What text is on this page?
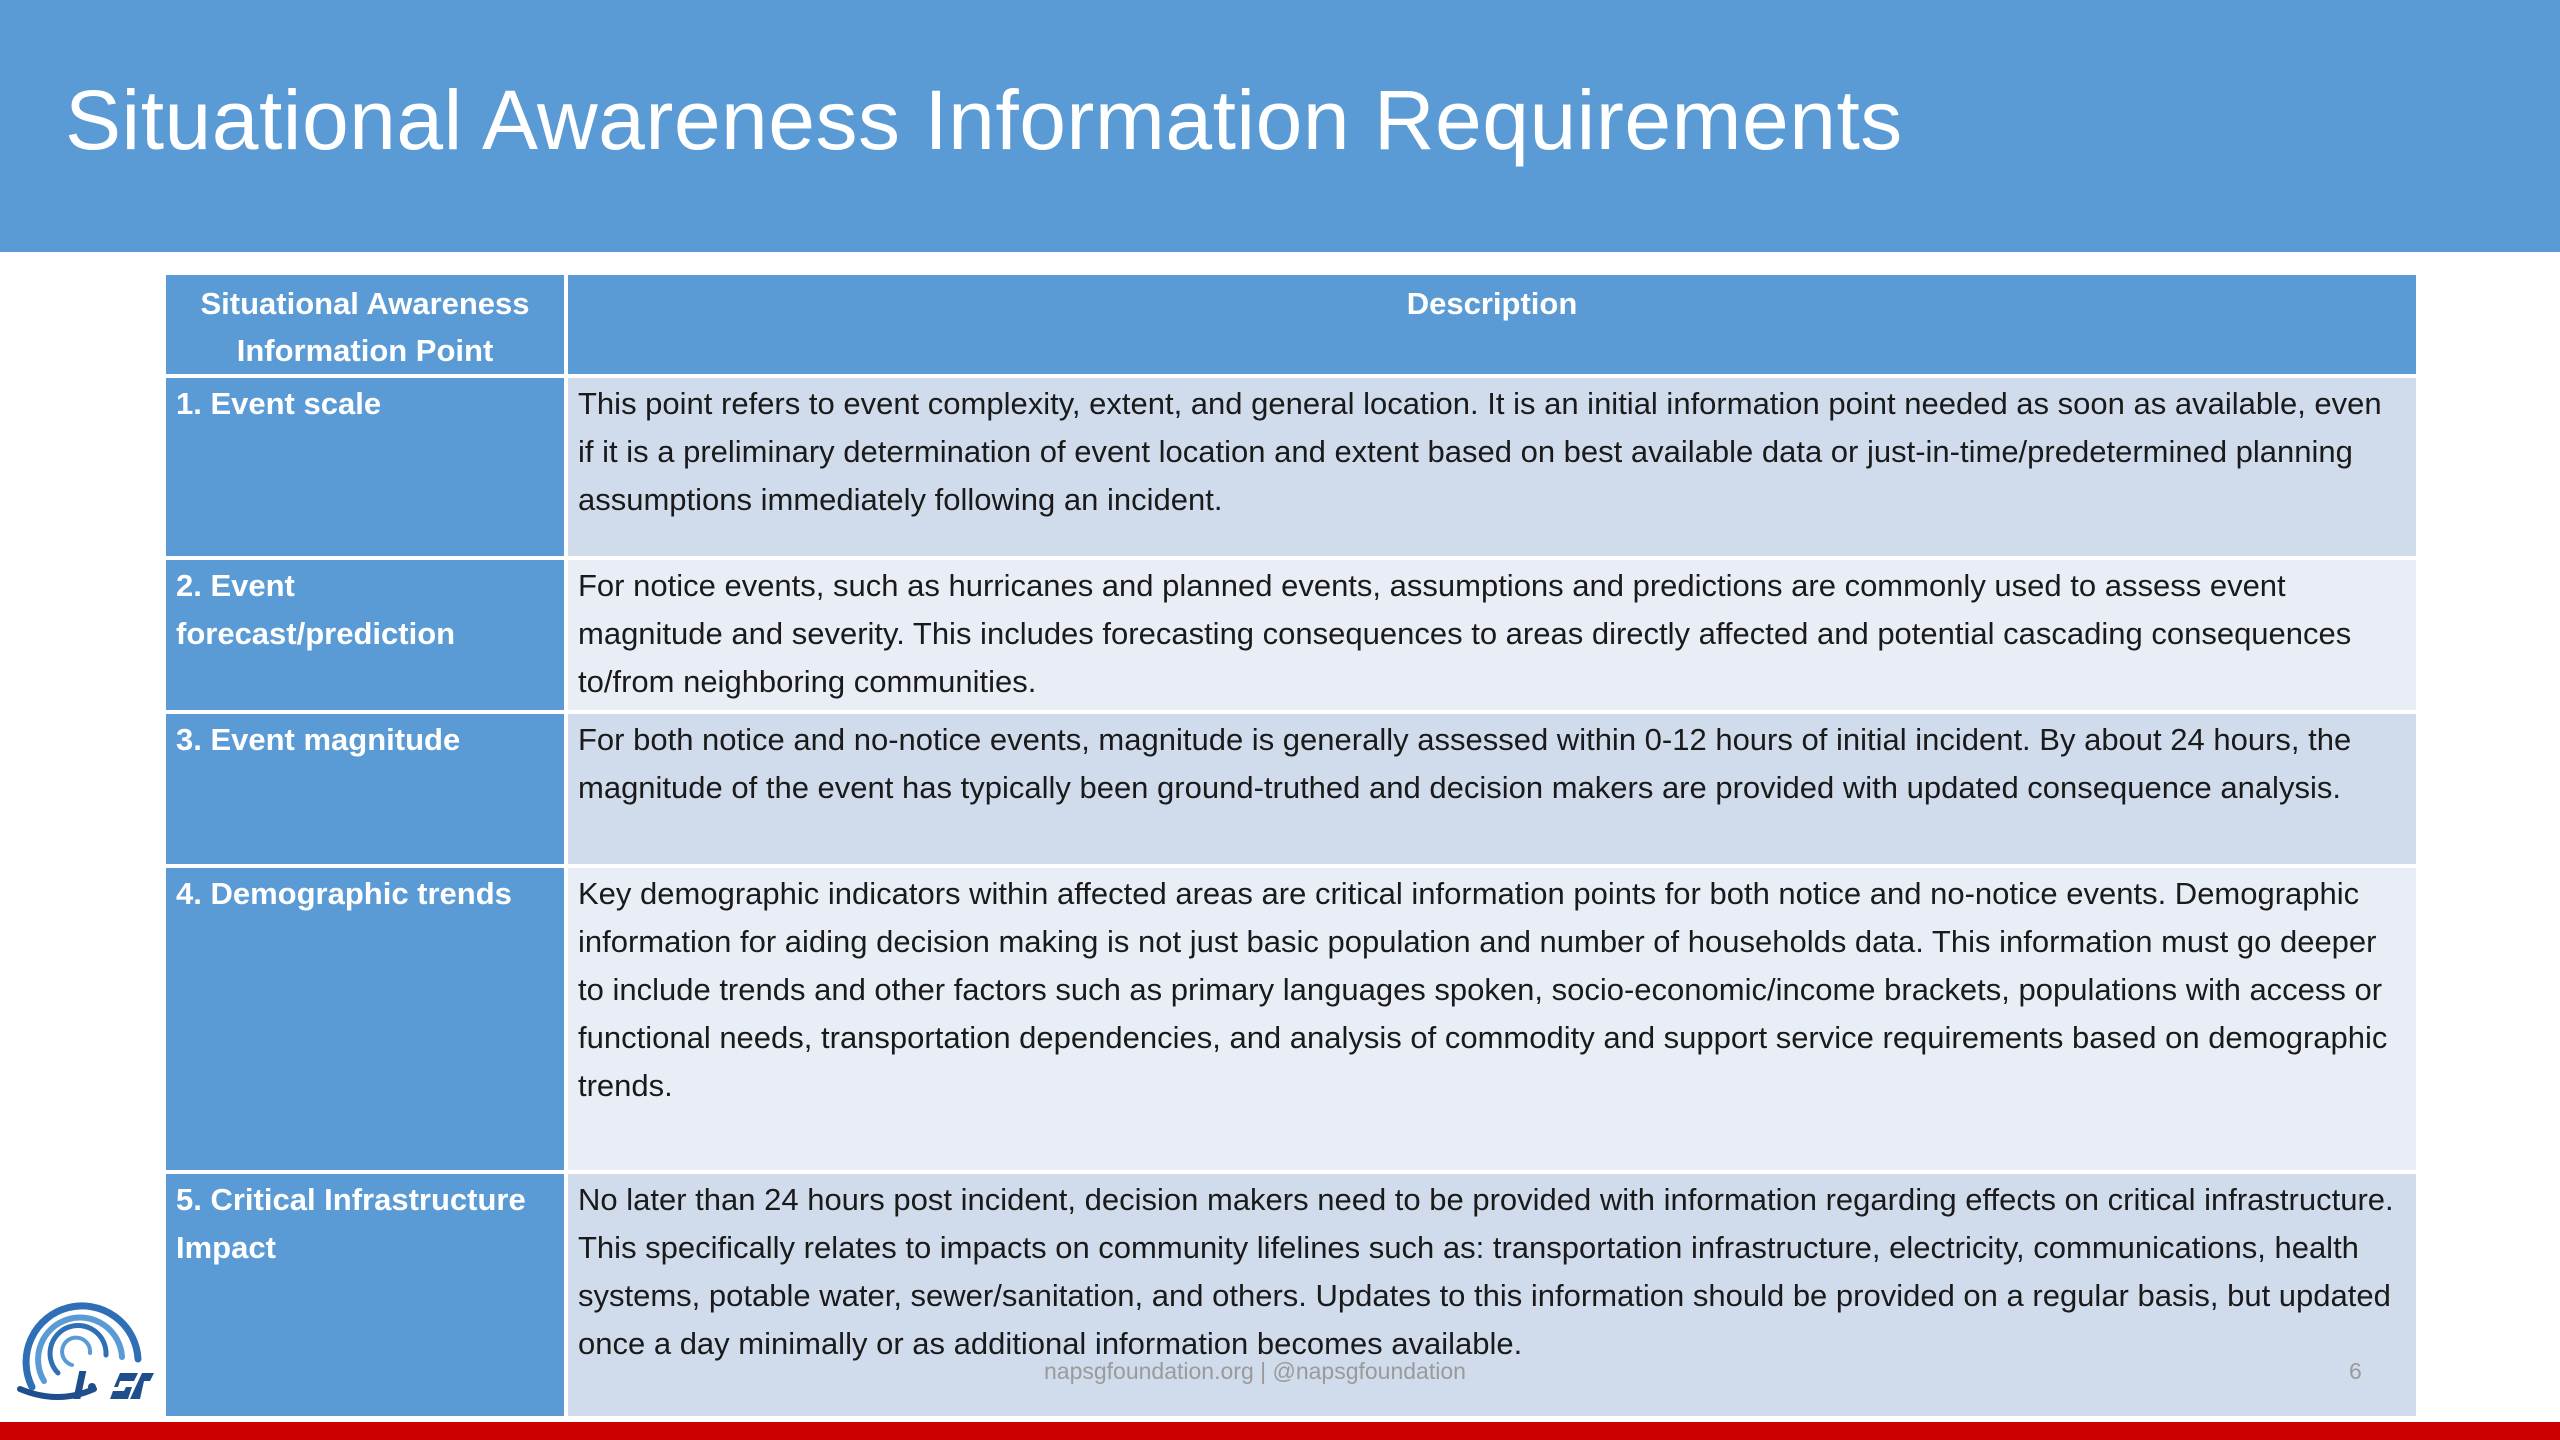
Situational Awareness Information Requirements
Situational Awareness Information Point	Description
1. Event scale	This point refers to event complexity, extent, and general location. It is an initial information point needed as soon as available, even if it is a preliminary determination of event location and extent based on best available data or just-in-time/predetermined planning assumptions immediately following an incident.
2. Event forecast/prediction	For notice events, such as hurricanes and planned events, assumptions and predictions are commonly used to assess event magnitude and severity. This includes forecasting consequences to areas directly affected and potential cascading consequences to/from neighboring communities.
3. Event magnitude	For both notice and no-notice events, magnitude is generally assessed within 0-12 hours of initial incident. By about 24 hours, the magnitude of the event has typically been ground-truthed and decision makers are provided with updated consequence analysis.
4. Demographic trends	Key demographic indicators within affected areas are critical information points for both notice and no-notice events. Demographic information for aiding decision making is not just basic population and number of households data. This information must go deeper to include trends and other factors such as primary languages spoken, socio-economic/income brackets, populations with access or functional needs, transportation dependencies, and analysis of commodity and support service requirements based on demographic trends.
5. Critical Infrastructure Impact	No later than 24 hours post incident, decision makers need to be provided with information regarding effects on critical infrastructure. This specifically relates to impacts on community lifelines such as: transportation infrastructure, electricity, communications, health systems, potable water, sewer/sanitation, and others. Updates to this information should be provided on a regular basis, but updated once a day minimally or as additional information becomes available.
napsgfoundation.org | @napsgfoundation	6
